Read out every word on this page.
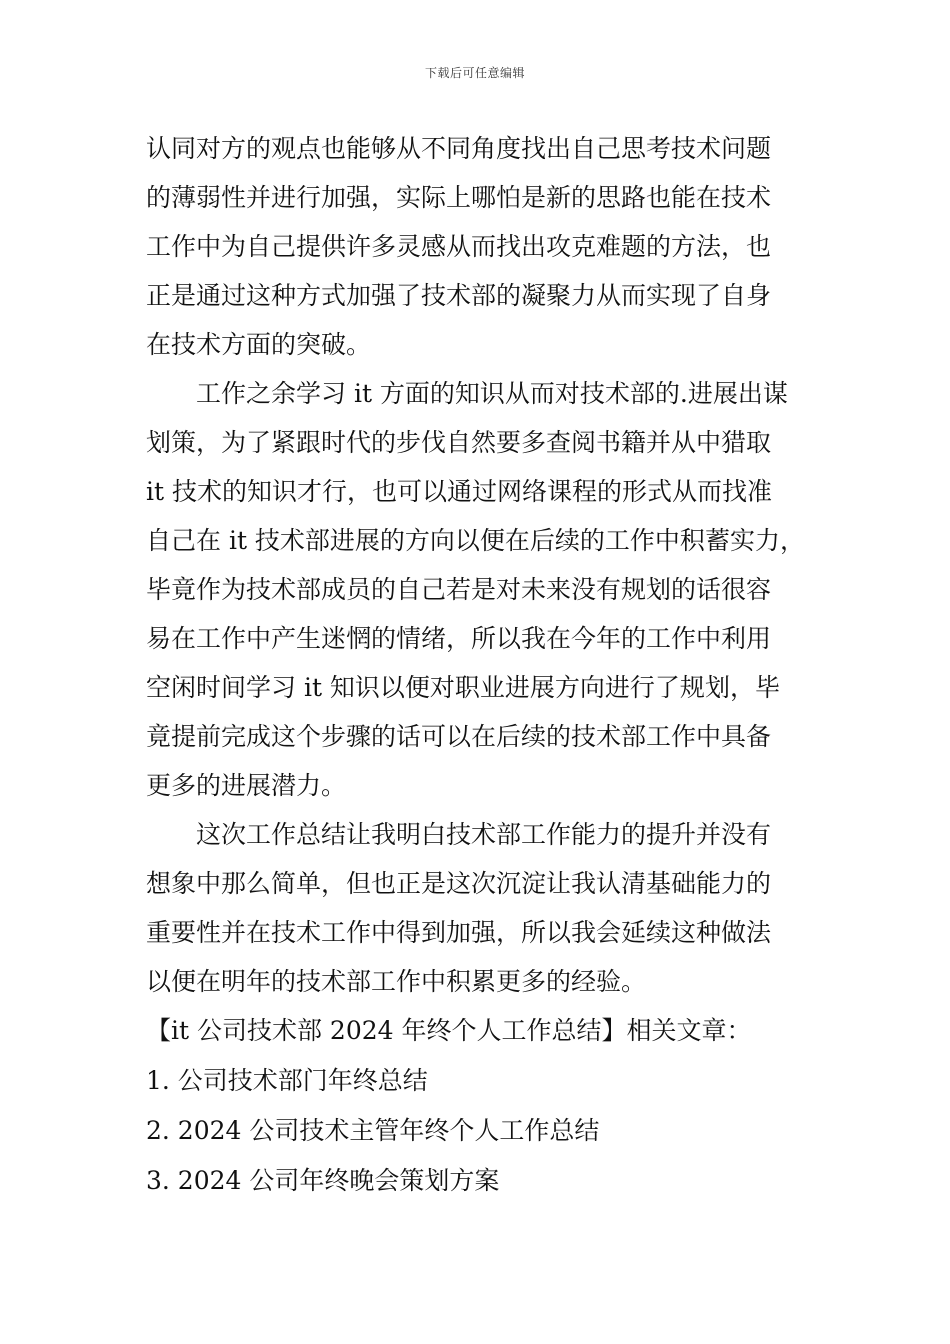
下载后可任意编辑
认同对方的观点也能够从不同角度找出自己思考技术问题
的薄弱性并进行加强，实际上哪怕是新的思路也能在技术
工作中为自己提供许多灵感从而找出攻克难题的方法，也
正是通过这种方式加强了技术部的凝聚力从而实现了自身
在技术方面的突破。
工作之余学习 it 方面的知识从而对技术部的.进展出谋
划策，为了紧跟时代的步伐自然要多查阅书籍并从中猎取
it 技术的知识才行，也可以通过网络课程的形式从而找准
自己在 it 技术部进展的方向以便在后续的工作中积蓄实力，
毕竟作为技术部成员的自己若是对未来没有规划的话很容
易在工作中产生迷惘的情绪，所以我在今年的工作中利用
空闲时间学习 it 知识以便对职业进展方向进行了规划，毕
竟提前完成这个步骤的话可以在后续的技术部工作中具备
更多的进展潜力。
这次工作总结让我明白技术部工作能力的提升并没有
想象中那么简单，但也正是这次沉淀让我认清基础能力的
重要性并在技术工作中得到加强，所以我会延续这种做法
以便在明年的技术部工作中积累更多的经验。
【it 公司技术部 2024 年终个人工作总结】相关文章：
1. 公司技术部门年终总结
2. 2024 公司技术主管年终个人工作总结
3. 2024 公司年终晚会策划方案
